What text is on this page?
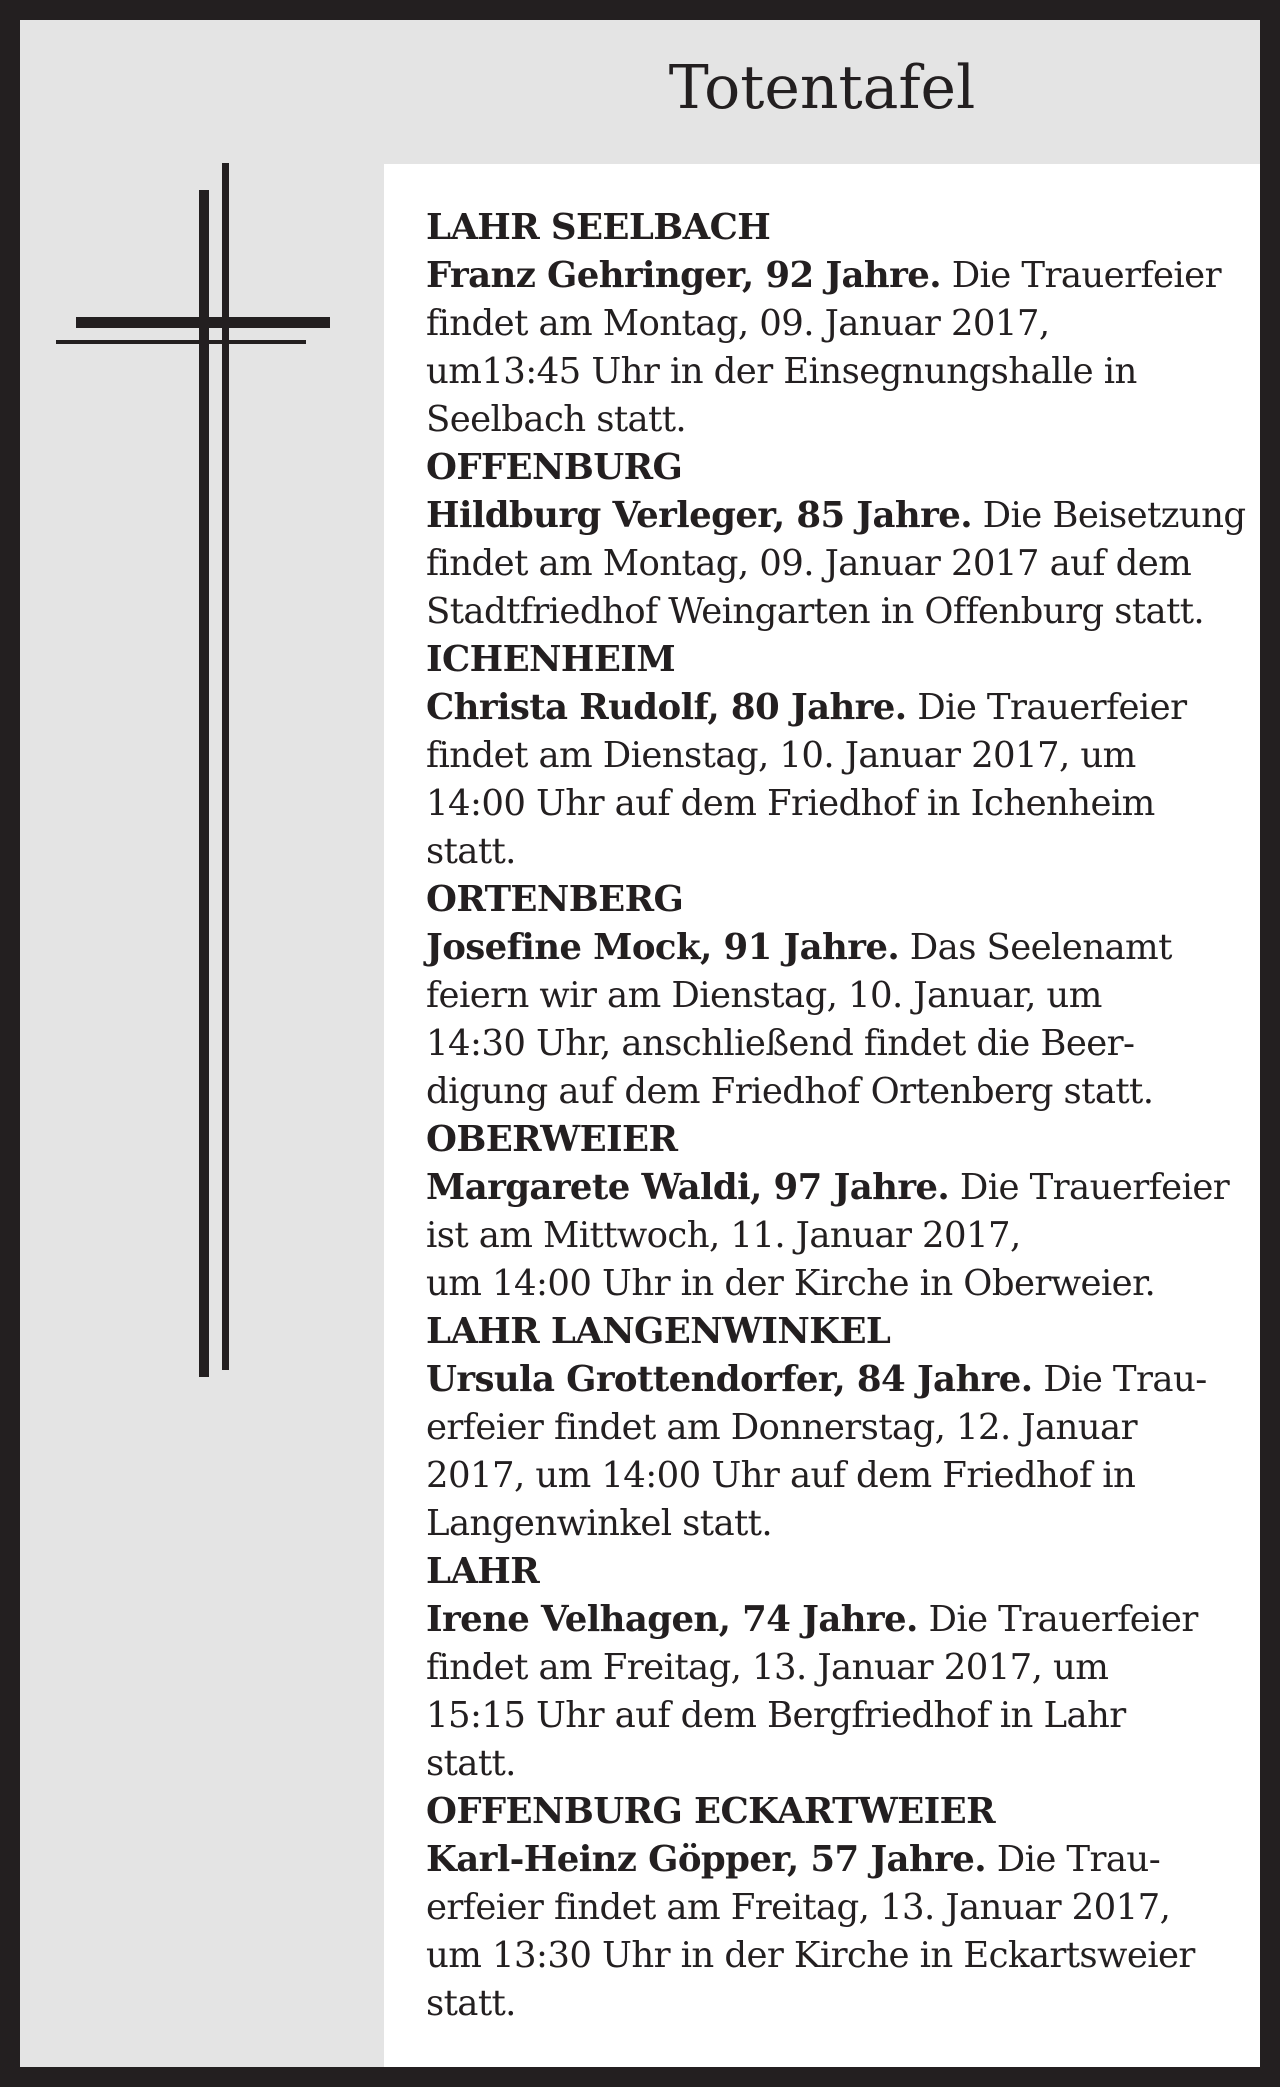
Totentafel
LAHR SEELBACH
Franz Gehringer, 92 Jahre. Die Trauerfeier
findet am Montag, 09. Januar 2017,
um13:45 Uhr in der Einsegnungshalle in
Seelbach statt.
OFFENBURG
Hildburg Verleger, 85 Jahre. Die Beisetzung
findet am Montag, 09. Januar 2017 auf dem
Stadtfriedhof Weingarten in Offenburg statt.
ICHENHEIM
Christa Rudolf, 80 Jahre. Die Trauerfeier
findet am Dienstag, 10. Januar 2017, um
14:00 Uhr auf dem Friedhof in Ichenheim
statt.
ORTENBERG
Josefine Mock, 91 Jahre. Das Seelenamt
feiern wir am Dienstag, 10. Januar, um
14:30 Uhr, anschließend findet die Beer-
digung auf dem Friedhof Ortenberg statt.
OBERWEIER
Margarete Waldi, 97 Jahre. Die Trauerfeier
ist am Mittwoch, 11. Januar 2017,
um 14:00 Uhr in der Kirche in Oberweier.
LAHR LANGENWINKEL
Ursula Grottendorfer, 84 Jahre. Die Trau-
erfeier findet am Donnerstag, 12. Januar
2017, um 14:00 Uhr auf dem Friedhof in
Langenwinkel statt.
LAHR
Irene Velhagen, 74 Jahre. Die Trauerfeier
findet am Freitag, 13. Januar 2017, um
15:15 Uhr auf dem Bergfriedhof in Lahr
statt.
OFFENBURG ECKARTWEIER
Karl-Heinz Göpper, 57 Jahre. Die Trau-
erfeier findet am Freitag, 13. Januar 2017,
um 13:30 Uhr in der Kirche in Eckartsweier
statt.
